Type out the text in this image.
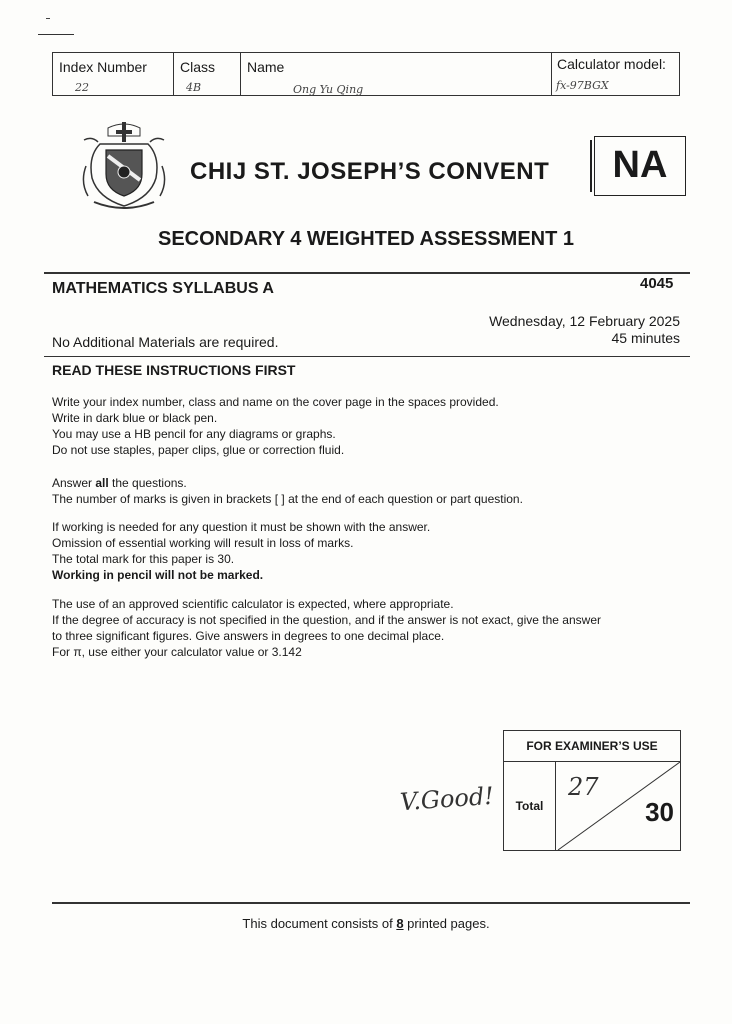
Index Number
22
Class
4B
Name
Ong Yu Qing
Calculator model:
fx-97BGX
CHIJ ST. JOSEPH’S CONVENT	NA
SECONDARY 4 WEIGHTED ASSESSMENT 1
MATHEMATICS SYLLABUS A	4045
Wednesday, 12 February 2025
45 minutes
No Additional Materials are required.
READ THESE INSTRUCTIONS FIRST

Write your index number, class and name on the cover page in the spaces provided.

Write in dark blue or black pen.

You may use a HB pencil for any diagrams or graphs.

Do not use staples, paper clips, glue or correction fluid.

Answer all the questions.

The number of marks is given in brackets [ ] at the end of each question or part question.

If working is needed for any question it must be shown with the answer.

Omission of essential working will result in loss of marks.

The total mark for this paper is 30.

Working in pencil will not be marked.

The use of an approved scientific calculator is expected, where appropriate.

If the degree of accuracy is not specified in the question, and if the answer is not exact, give the answer

to three significant figures. Give answers in degrees to one decimal place.

For π, use either your calculator value or 3.142

V.Good!
FOR EXAMINER’S USE
Total
27
30
This document consists of 8 printed pages.
